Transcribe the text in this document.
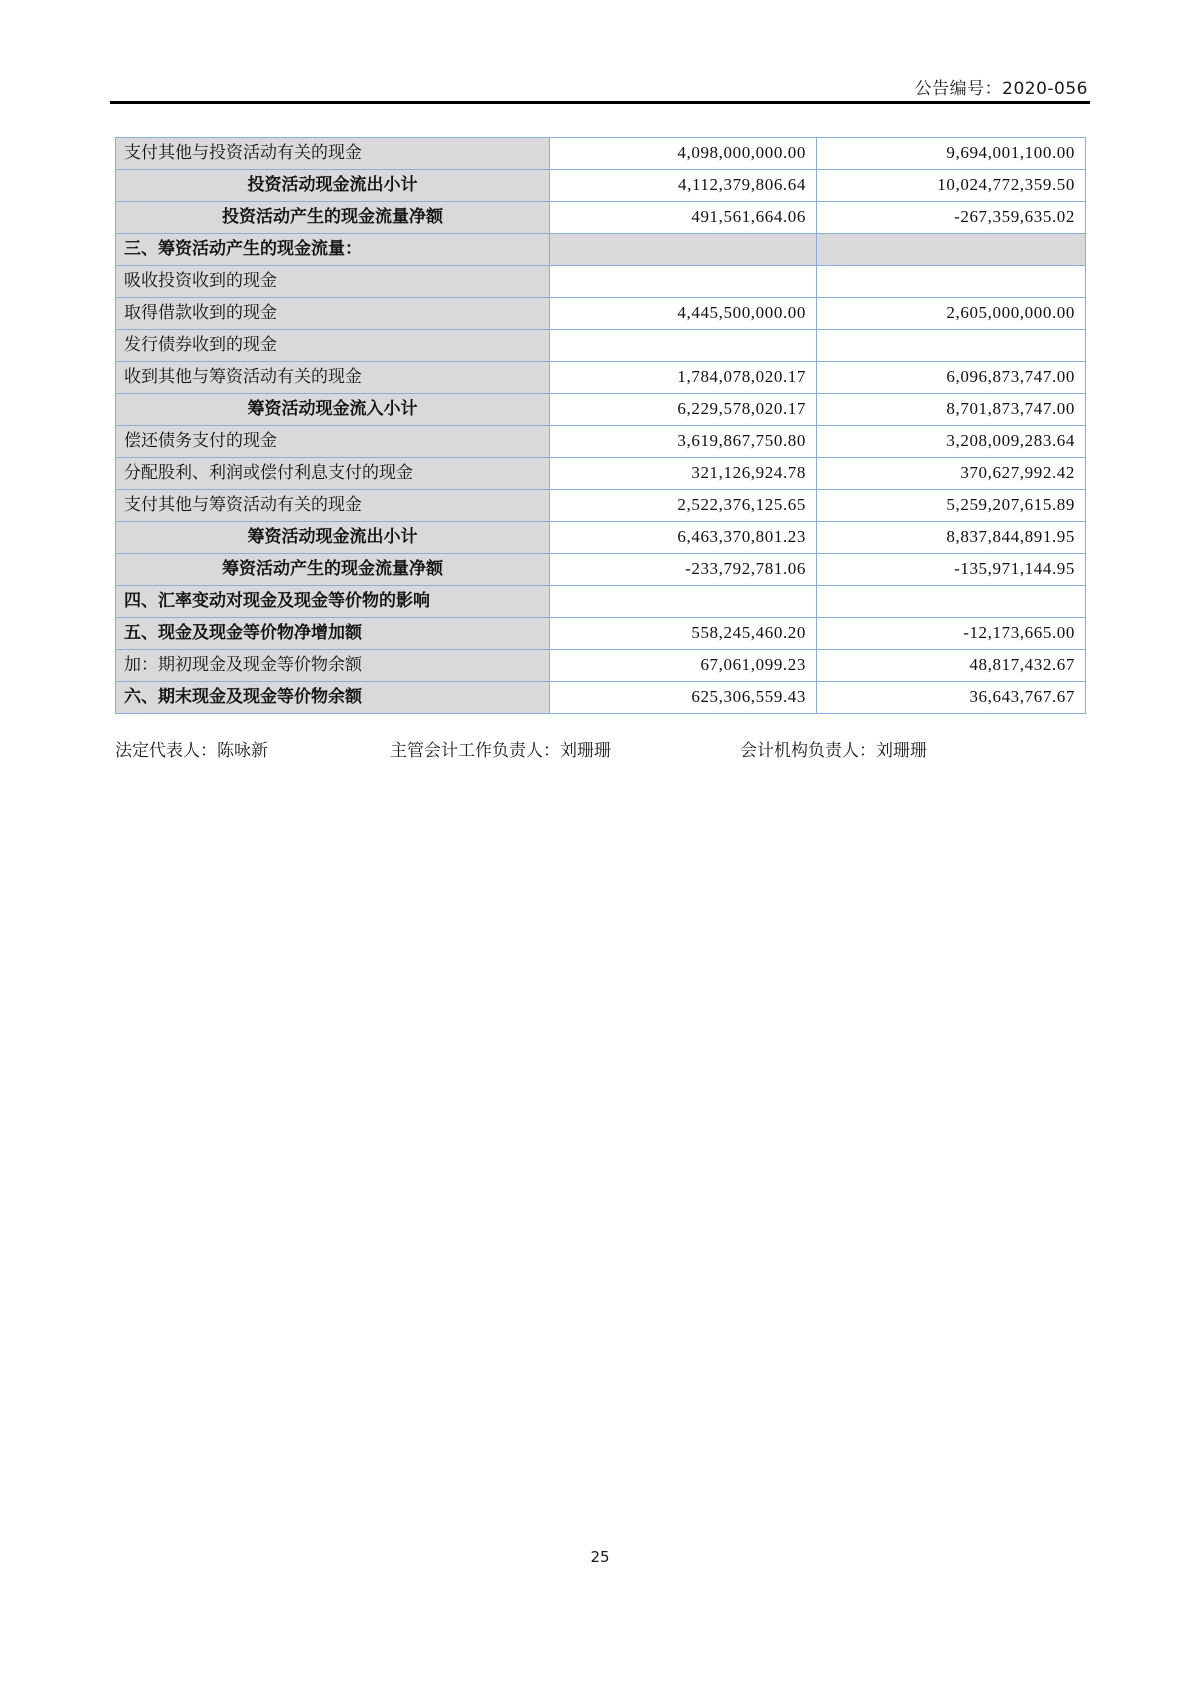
公告编号：2020-056
支付其他与投资活动有关的现金	4,098,000,000.00	9,694,001,100.00
投资活动现金流出小计	4,112,379,806.64	10,024,772,359.50
投资活动产生的现金流量净额	491,561,664.06	-267,359,635.02
三、筹资活动产生的现金流量：		
吸收投资收到的现金		
取得借款收到的现金	4,445,500,000.00	2,605,000,000.00
发行债券收到的现金		
收到其他与筹资活动有关的现金	1,784,078,020.17	6,096,873,747.00
筹资活动现金流入小计	6,229,578,020.17	8,701,873,747.00
偿还债务支付的现金	3,619,867,750.80	3,208,009,283.64
分配股利、利润或偿付利息支付的现金	321,126,924.78	370,627,992.42
支付其他与筹资活动有关的现金	2,522,376,125.65	5,259,207,615.89
筹资活动现金流出小计	6,463,370,801.23	8,837,844,891.95
筹资活动产生的现金流量净额	-233,792,781.06	-135,971,144.95
四、汇率变动对现金及现金等价物的影响		
五、现金及现金等价物净增加额	558,245,460.20	-12,173,665.00
加：期初现金及现金等价物余额	67,061,099.23	48,817,432.67
六、期末现金及现金等价物余额	625,306,559.43	36,643,767.67
法定代表人：陈咏新	主管会计工作负责人：刘珊珊	会计机构负责人：刘珊珊
25
